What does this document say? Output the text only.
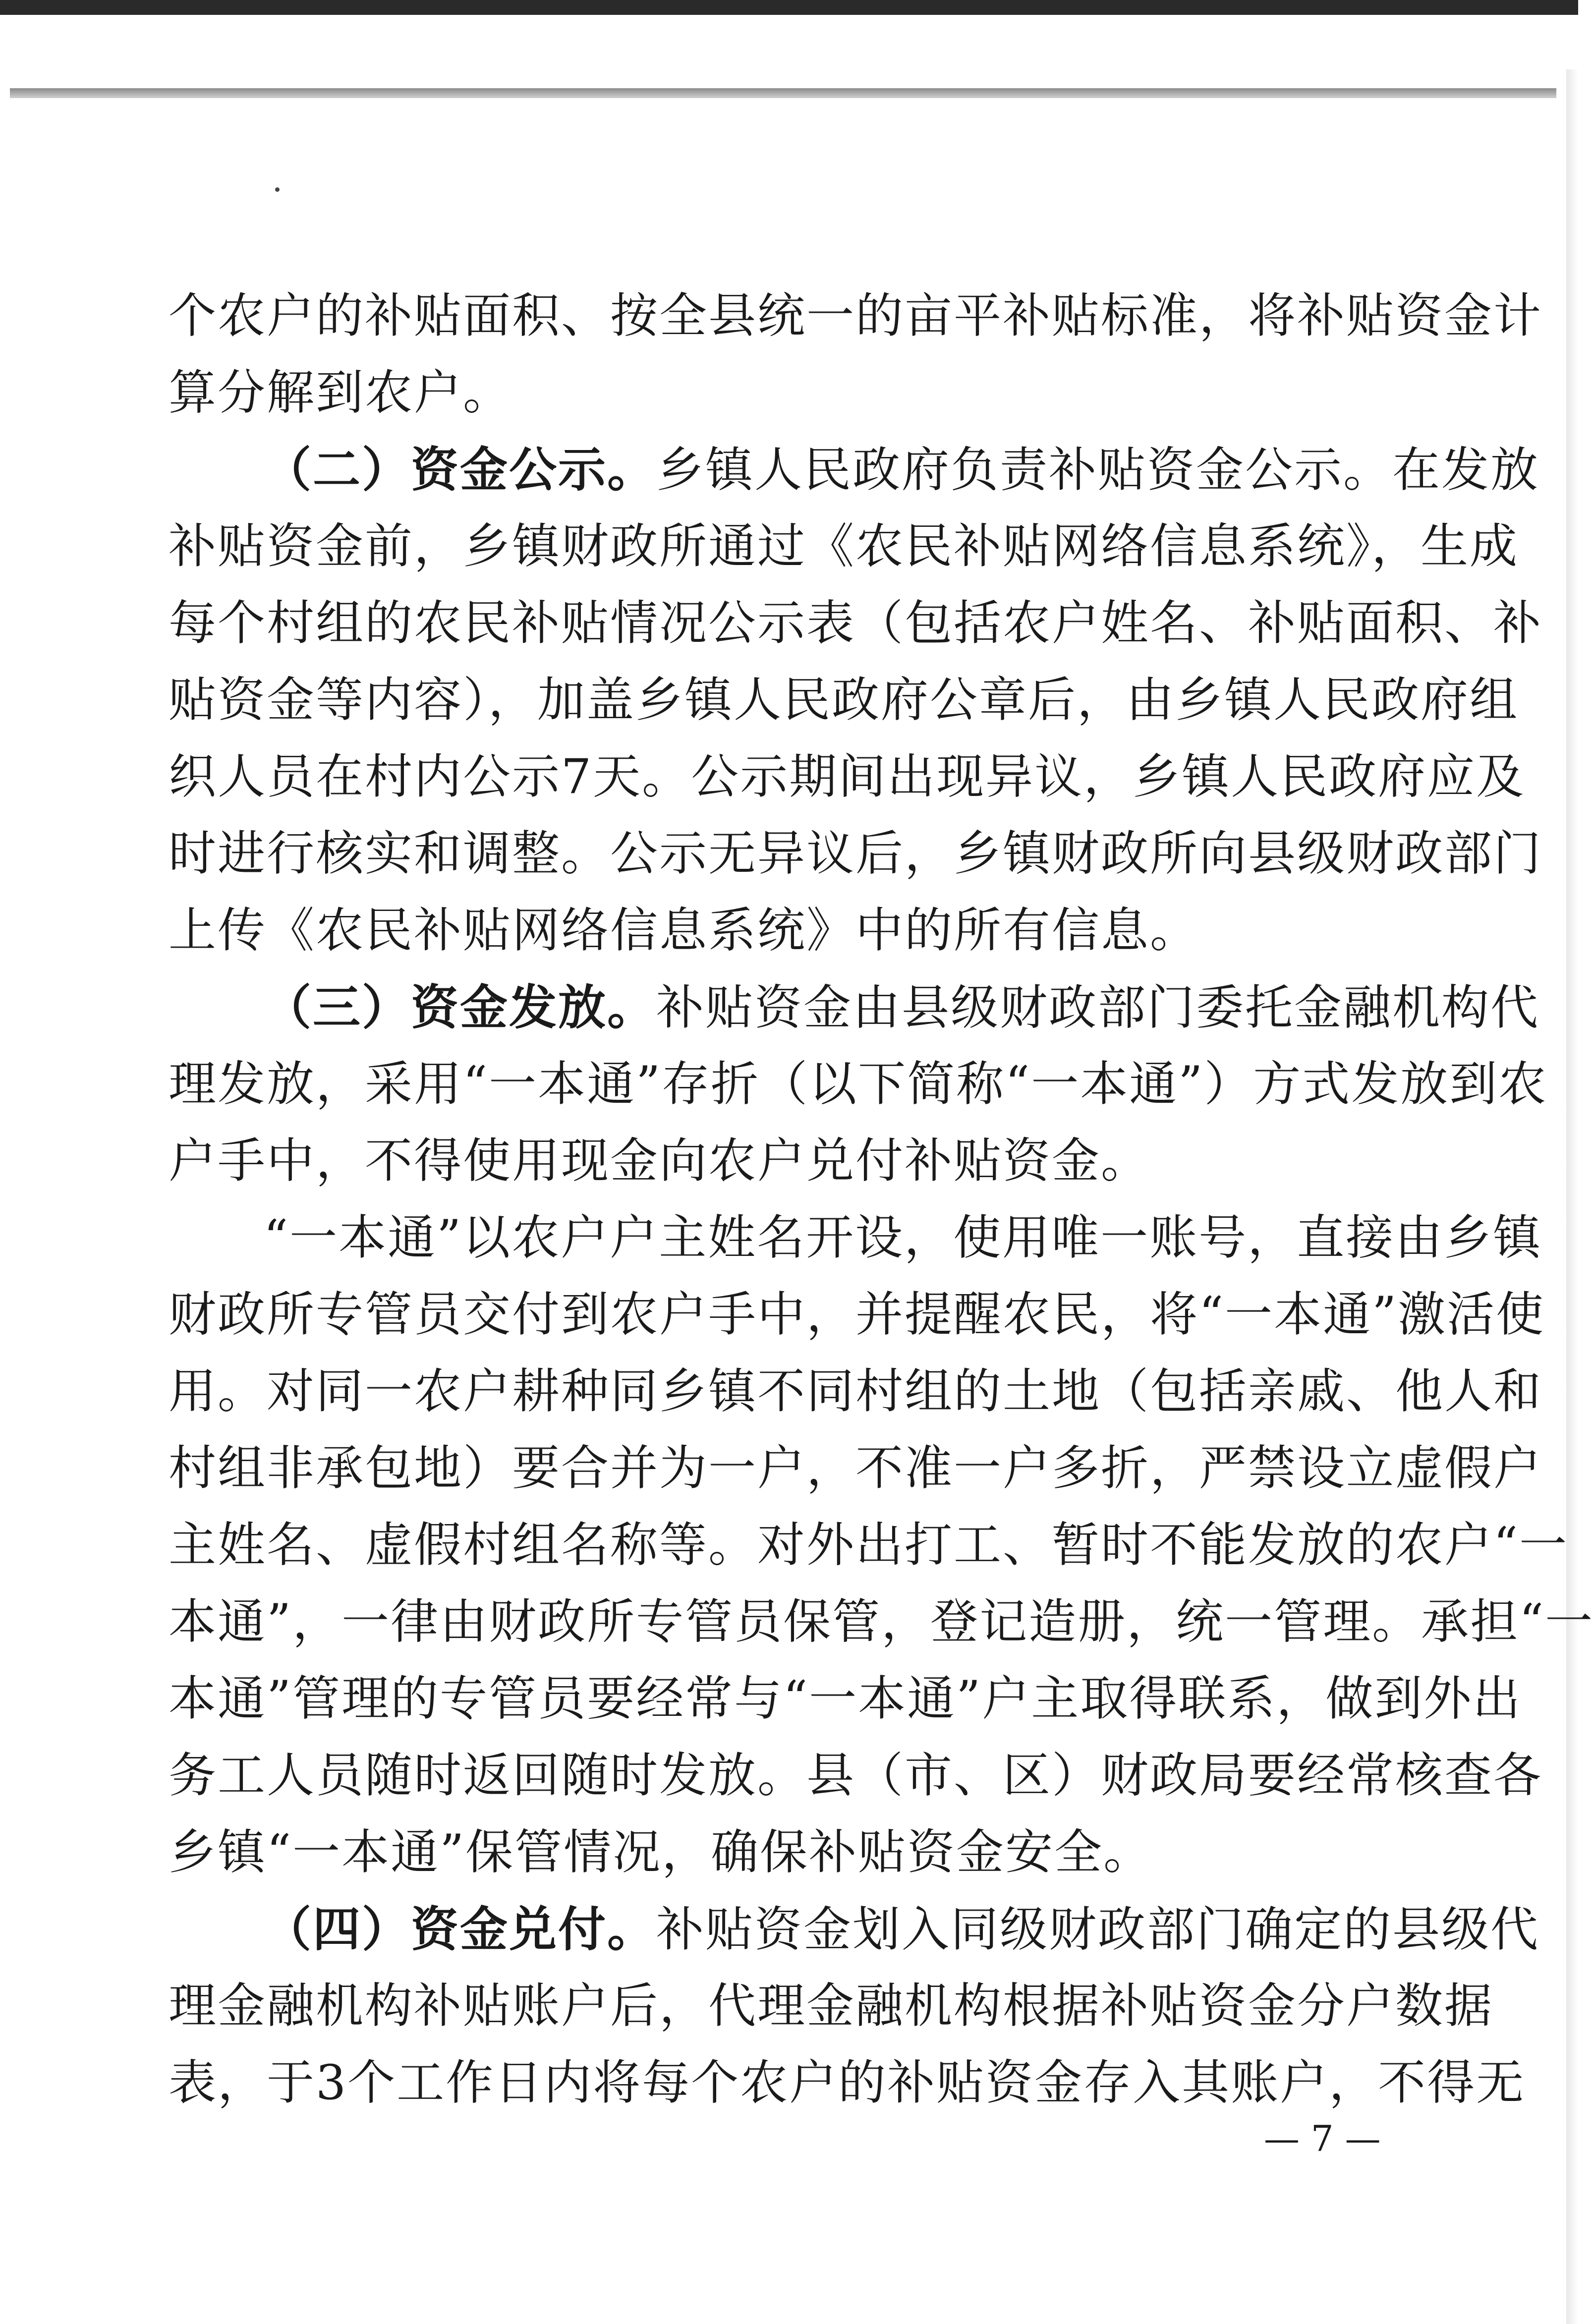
个农户的补贴面积、按全县统一的亩平补贴标准，将补贴资金计
算分解到农户。
（二）资金公示。乡镇人民政府负责补贴资金公示。在发放
补贴资金前，乡镇财政所通过《农民补贴网络信息系统》，生成
每个村组的农民补贴情况公示表（包括农户姓名、补贴面积、补
贴资金等内容），加盖乡镇人民政府公章后，由乡镇人民政府组
织人员在村内公示7天。公示期间出现异议，乡镇人民政府应及
时进行核实和调整。公示无异议后，乡镇财政所向县级财政部门
上传《农民补贴网络信息系统》中的所有信息。
（三）资金发放。补贴资金由县级财政部门委托金融机构代
理发放，采用“一本通”存折（以下简称“一本通”）方式发放到农
户手中，不得使用现金向农户兑付补贴资金。
“一本通”以农户户主姓名开设，使用唯一账号，直接由乡镇
财政所专管员交付到农户手中，并提醒农民，将“一本通”激活使
用。对同一农户耕种同乡镇不同村组的土地（包括亲戚、他人和
村组非承包地）要合并为一户，不准一户多折，严禁设立虚假户
主姓名、虚假村组名称等。对外出打工、暂时不能发放的农户“一
本通”，一律由财政所专管员保管，登记造册，统一管理。承担“一
本通”管理的专管员要经常与“一本通”户主取得联系，做到外出
务工人员随时返回随时发放。县（市、区）财政局要经常核查各
乡镇“一本通”保管情况，确保补贴资金安全。
（四）资金兑付。补贴资金划入同级财政部门确定的县级代
理金融机构补贴账户后，代理金融机构根据补贴资金分户数据
表，于3个工作日内将每个农户的补贴资金存入其账户，不得无
— 7 —
